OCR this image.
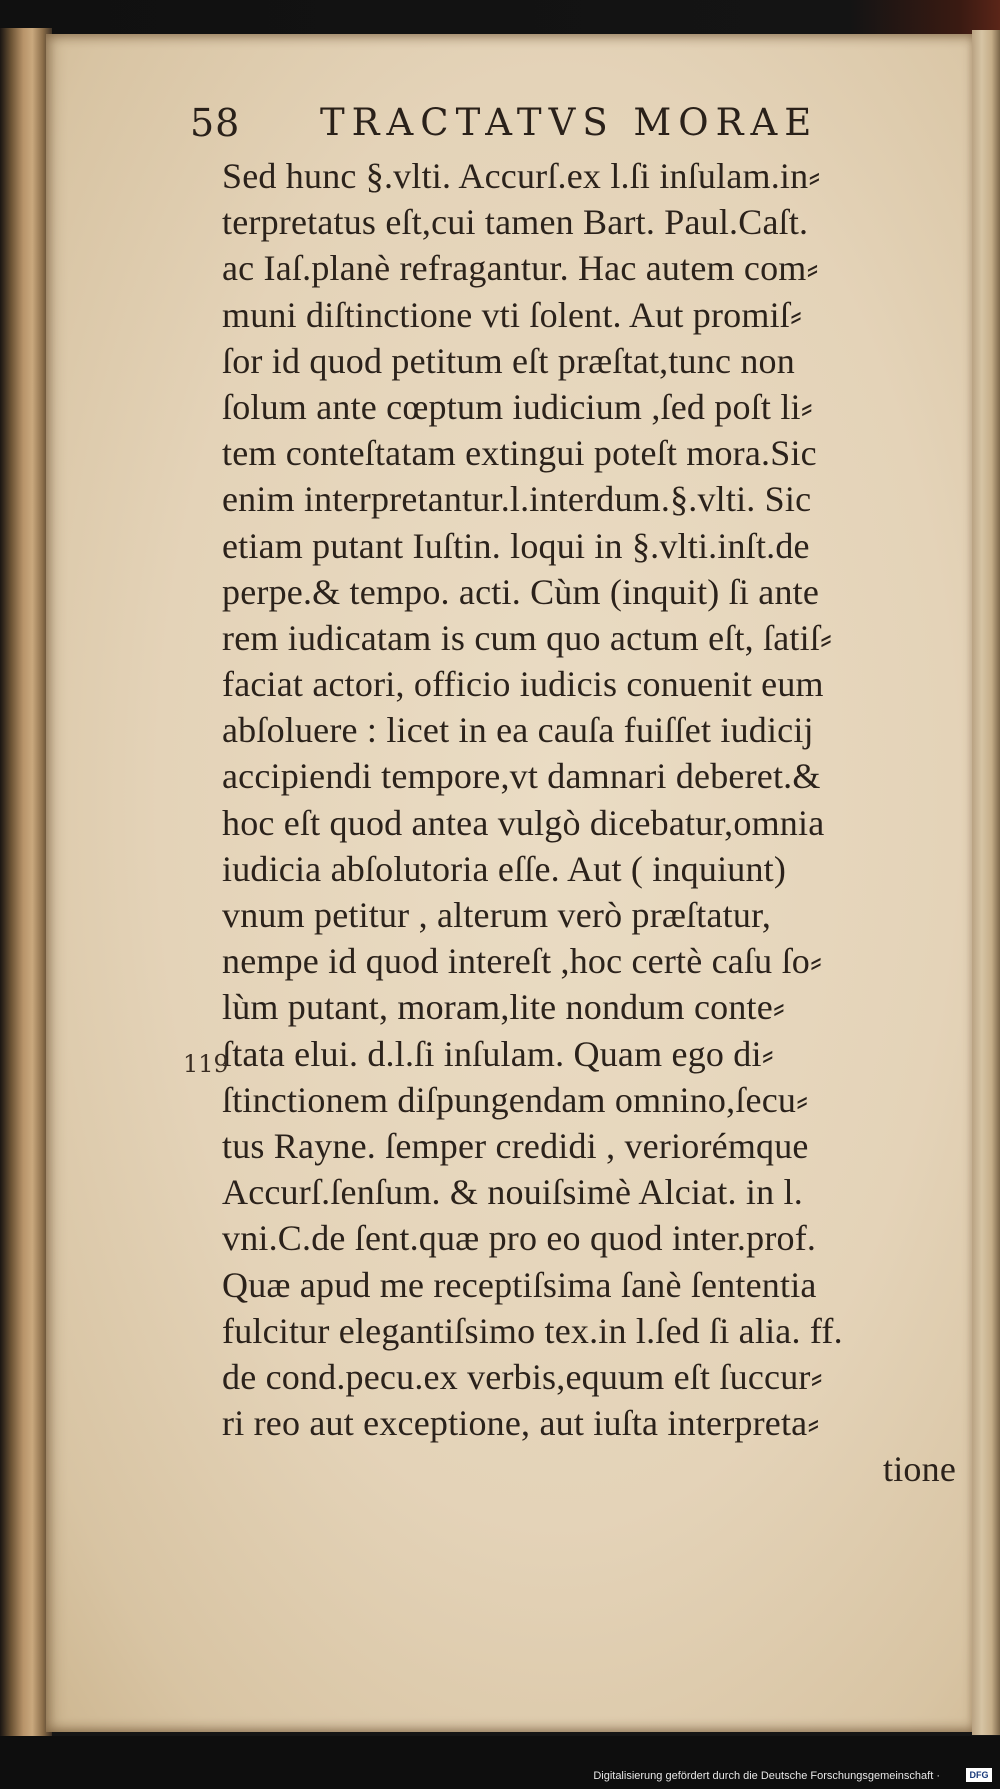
58 TRACTATVS MORAE
Sed hunc §.vlti. Accurſ.ex l.ſi inſulam.in⸗
terpretatus eſt,cui tamen Bart. Paul.Caſt.
ac Iaſ.planè refragantur. Hac autem com⸗
muni diſtinctione vti ſolent. Aut promiſ⸗
ſor id quod petitum eſt præſtat,tunc non
ſolum ante cœptum iudicium ,ſed poſt li⸗
tem conteſtatam extingui poteſt mora.Sic
enim interpretantur.l.interdum.§.vlti. Sic
etiam putant Iuſtin. loqui in §.vlti.inſt.de
perpe.& tempo. acti. Cùm (inquit) ſi ante
rem iudicatam is cum quo actum eſt, ſatiſ⸗
faciat actori, officio iudicis conuenit eum
abſoluere : licet in ea cauſa fuiſſet iudicij
accipiendi tempore,vt damnari deberet.&
hoc eſt quod antea vulgò dicebatur,omnia
iudicia abſolutoria eſſe. Aut ( inquiunt)
vnum petitur , alterum verò præſtatur,
nempe id quod intereſt ,hoc certè caſu ſo⸗
lùm putant, moram,lite nondum conte⸗
ſtata elui. d.l.ſi inſulam. Quam ego di⸗
ſtinctionem diſpungendam omnino,ſecu⸗
tus Rayne. ſemper credidi , veriorémque
Accurſ.ſenſum. & nouiſsimè Alciat. in l.
vni.C.de ſent.quæ pro eo quod inter.prof.
Quæ apud me receptiſsima ſanè ſententia
fulcitur elegantiſsimo tex.in l.ſed ſi alia. ff.
de cond.pecu.ex verbis,equum eſt ſuccur⸗
ri reo aut exceptione, aut iuſta interpreta⸗
tione
119
Digitalisierung gefördert durch die Deutsche Forschungsgemeinschaft ·	DFG
